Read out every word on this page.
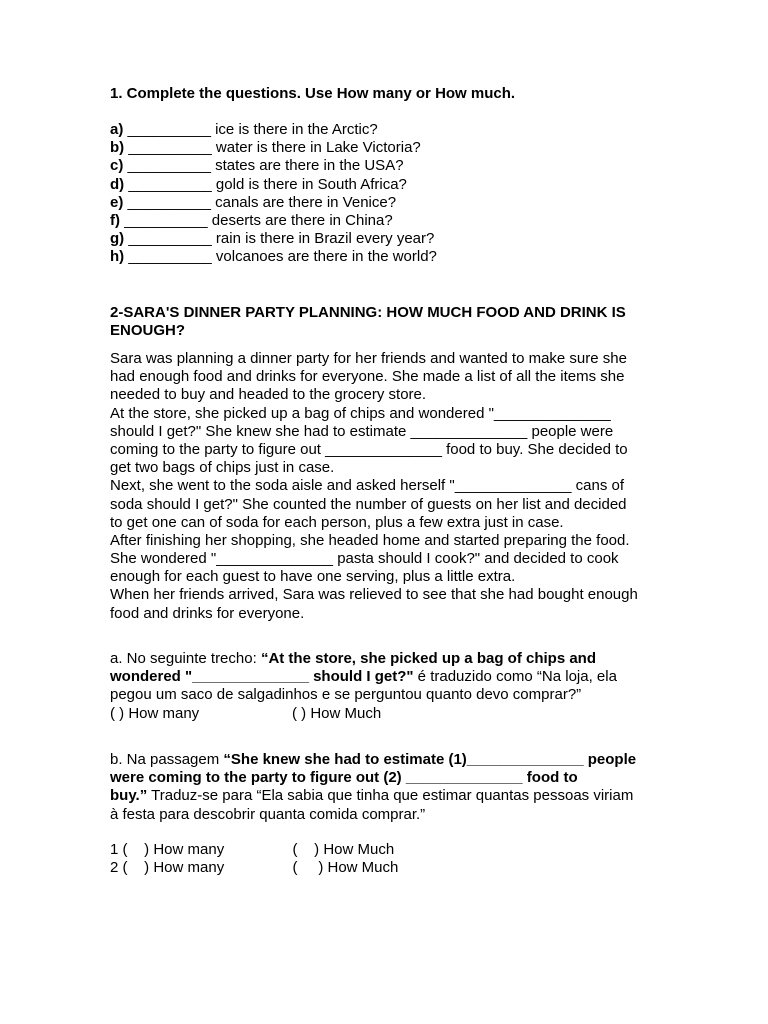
1. Complete the questions. Use How many or How much.
a) __________ ice is there in the Arctic?
b) __________ water is there in Lake Victoria?
c) __________ states are there in the USA?
d) __________ gold is there in South Africa?
e) __________ canals are there in Venice?
f) __________ deserts are there in China?
g) __________ rain is there in Brazil every year?
h) __________ volcanoes are there in the world?
2-SARA'S DINNER PARTY PLANNING: HOW MUCH FOOD AND DRINK IS
ENOUGH?
Sara was planning a dinner party for her friends and wanted to make sure she
had enough food and drinks for everyone. She made a list of all the items she
needed to buy and headed to the grocery store.
At the store, she picked up a bag of chips and wondered "______________
should I get?" She knew she had to estimate ______________ people were
coming to the party to figure out ______________ food to buy. She decided to
get two bags of chips just in case.
Next, she went to the soda aisle and asked herself "______________ cans of
soda should I get?" She counted the number of guests on her list and decided
to get one can of soda for each person, plus a few extra just in case.
After finishing her shopping, she headed home and started preparing the food.
She wondered "______________ pasta should I cook?" and decided to cook
enough for each guest to have one serving, plus a little extra.
When her friends arrived, Sara was relieved to see that she had bought enough
food and drinks for everyone.
a. No seguinte trecho: “At the store, she picked up a bag of chips and
wondered "______________ should I get?" é traduzido como “Na loja, ela
pegou um saco de salgadinhos e se perguntou quanto devo comprar?”
( ) How many	( ) How Much
b. Na passagem “She knew she had to estimate (1)______________ people
were coming to the party to figure out (2) ______________ food to
buy.” Traduz-se para “Ela sabia que tinha que estimar quantas pessoas viriam
à festa para descobrir quanta comida comprar.”
1 (    ) How many	(    ) How Much
2 (    ) How many	(     ) How Much
